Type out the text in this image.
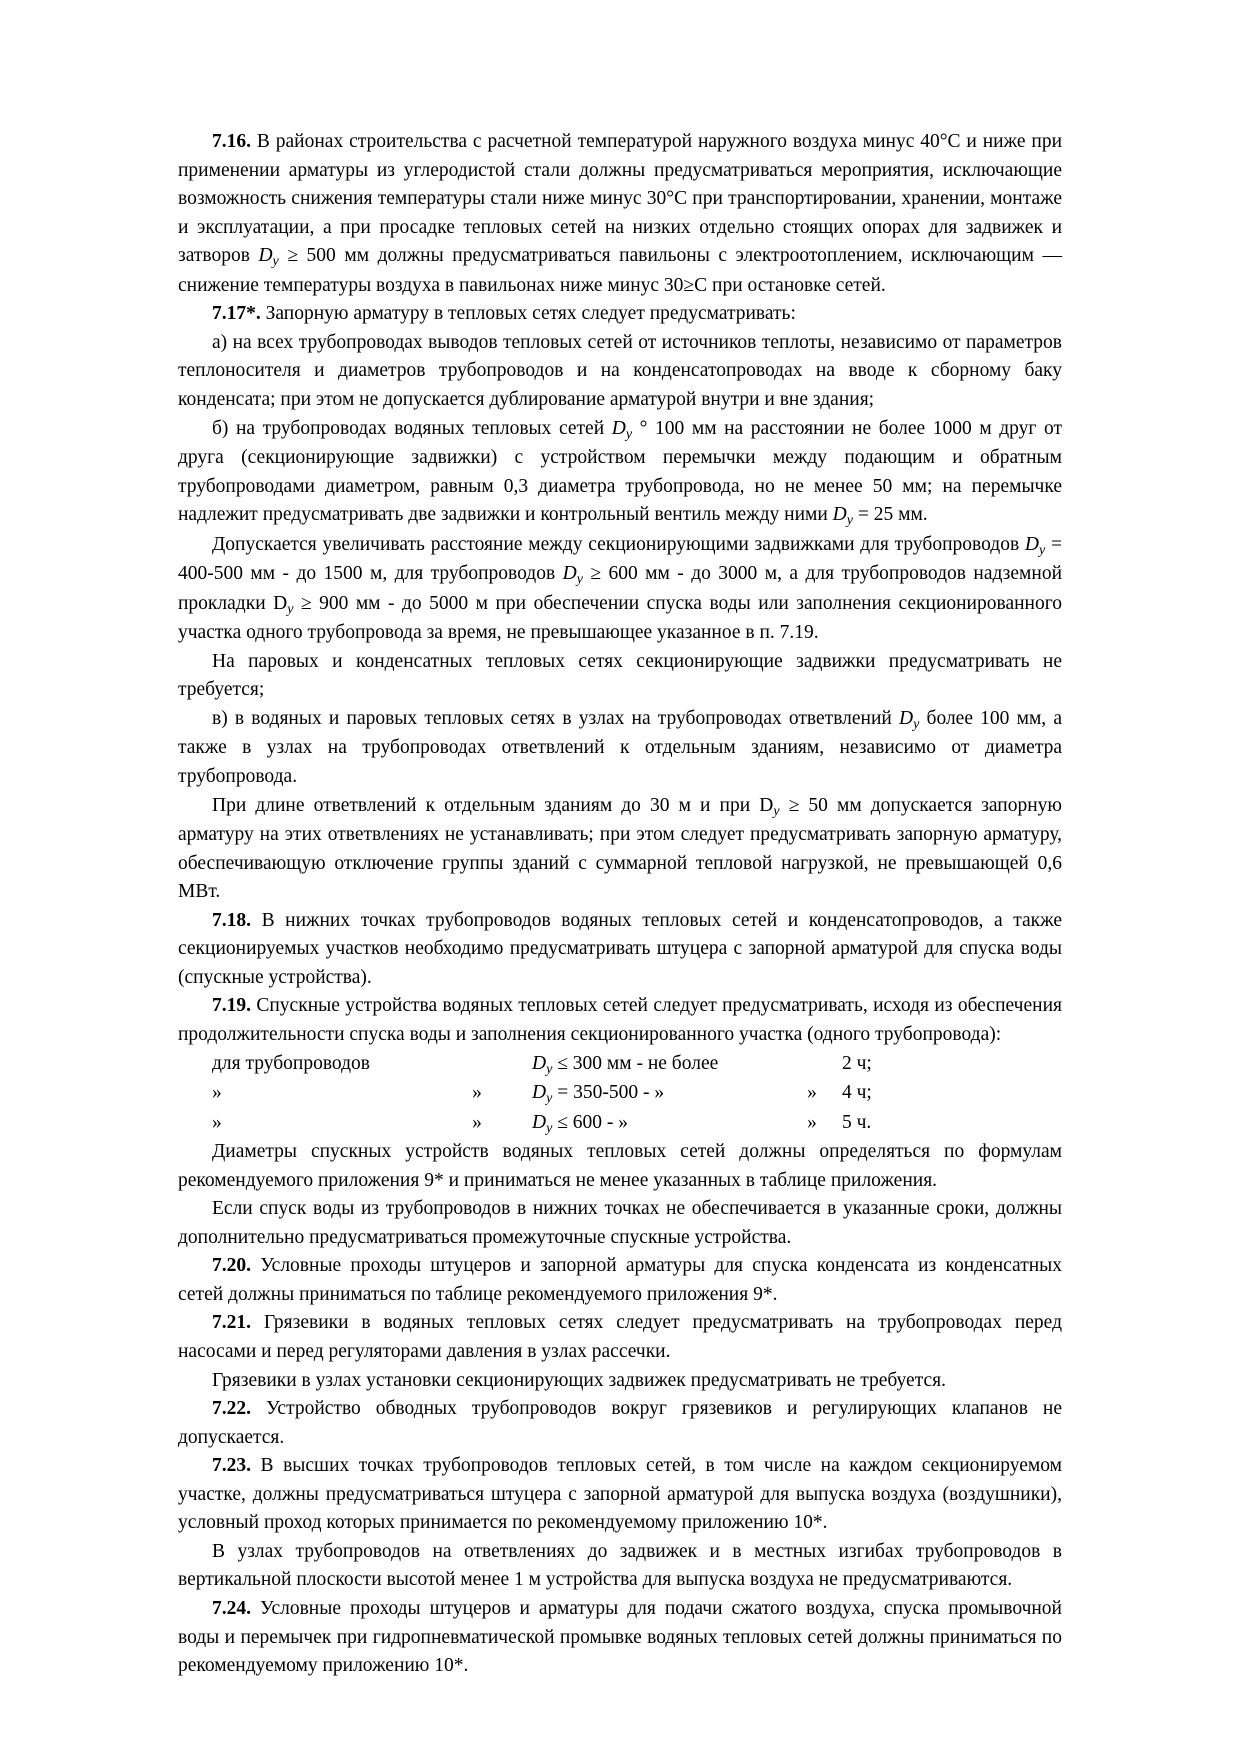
7.16. В районах строительства с расчетной температурой наружного воздуха минус 40°С и ниже при применении арматуры из углеродистой стали должны предусматриваться мероприятия, исключающие возможность снижения температуры стали ниже минус 30°С при транспортировании, хранении, монтаже и эксплуатации, а при просадке тепловых сетей на низких отдельно стоящих опорах для задвижек и затворов $D_у \ge 500$ мм должны предусматриваться павильоны с электроотоплением, исключающим — снижение температуры воздуха в павильонах ниже минус 30≥С при остановке сетей.

7.17*. Запорную арматуру в тепловых сетях следует предусматривать:

а) на всех трубопроводах выводов тепловых сетей от источников теплоты, независимо от параметров теплоносителя и диаметров трубопроводов и на конденсатопроводах на вводе к сборному баку конденсата; при этом не допускается дублирование арматурой внутри и вне здания;

б) на трубопроводах водяных тепловых сетей $D_у$ ° 100 мм на расстоянии не более 1000 м друг от друга (секционирующие задвижки) с устройством перемычки между подающим и обратным трубопроводами диаметром, равным 0,3 диаметра трубопровода, но не менее 50 мм; на перемычке надлежит предусматривать две задвижки и контрольный вентиль между ними $D_у = 25$ мм.

Допускается увеличивать расстояние между секционирующими задвижками для трубопроводов $D_у = 400-500$ мм - до 1500 м, для трубопроводов $D_у \ge 600$ мм - до 3000 м, а для трубопроводов надземной прокладки $D_у \ge 900$ мм - до 5000 м при обеспечении спуска воды или заполнения секционированного участка одного трубопровода за время, не превышающее указанное в п. 7.19.

На паровых и конденсатных тепловых сетях секционирующие задвижки предусматривать не требуется;

в) в водяных и паровых тепловых сетях в узлах на трубопроводах ответвлений $D_у$ более 100 мм, а также в узлах на трубопроводах ответвлений к отдельным зданиям, независимо от диаметра трубопровода.

При длине ответвлений к отдельным зданиям до 30 м и при $D_у \ge 50$ мм допускается запорную арматуру на этих ответвлениях не устанавливать; при этом следует предусматривать запорную арматуру, обеспечивающую отключение группы зданий с суммарной тепловой нагрузкой, не превышающей 0,6 МВт.

7.18. В нижних точках трубопроводов водяных тепловых сетей и конденсатопроводов, а также секционируемых участков необходимо предусматривать штуцера с запорной арматурой для спуска воды (спускные устройства).

7.19. Спускные устройства водяных тепловых сетей следует предусматривать, исходя из обеспечения продолжительности спуска воды и заполнения секционированного участка (одного трубопровода):

для трубопроводов		$D_у \le 300$ мм - не более		2 ч;
»	»	$D_у = 350-500$ - »	»	4 ч;
»	»	$D_у \le 600$ - »	»	5 ч.

Диаметры спускных устройств водяных тепловых сетей должны определяться по формулам рекомендуемого приложения 9* и приниматься не менее указанных в таблице приложения.

Если спуск воды из трубопроводов в нижних точках не обеспечивается в указанные сроки, должны дополнительно предусматриваться промежуточные спускные устройства.

7.20. Условные проходы штуцеров и запорной арматуры для спуска конденсата из конденсатных сетей должны приниматься по таблице рекомендуемого приложения 9*.

7.21. Грязевики в водяных тепловых сетях следует предусматривать на трубопроводах перед насосами и перед регуляторами давления в узлах рассечки.

Грязевики в узлах установки секционирующих задвижек предусматривать не требуется.

7.22. Устройство обводных трубопроводов вокруг грязевиков и регулирующих клапанов не допускается.

7.23. В высших точках трубопроводов тепловых сетей, в том числе на каждом секционируемом участке, должны предусматриваться штуцера с запорной арматурой для выпуска воздуха (воздушники), условный проход которых принимается по рекомендуемому приложению 10*.

В узлах трубопроводов на ответвлениях до задвижек и в местных изгибах трубопроводов в вертикальной плоскости высотой менее 1 м устройства для выпуска воздуха не предусматриваются.

7.24. Условные проходы штуцеров и арматуры для подачи сжатого воздуха, спуска промывочной воды и перемычек при гидропневматической промывке водяных тепловых сетей должны приниматься по рекомендуемому приложению 10*.
